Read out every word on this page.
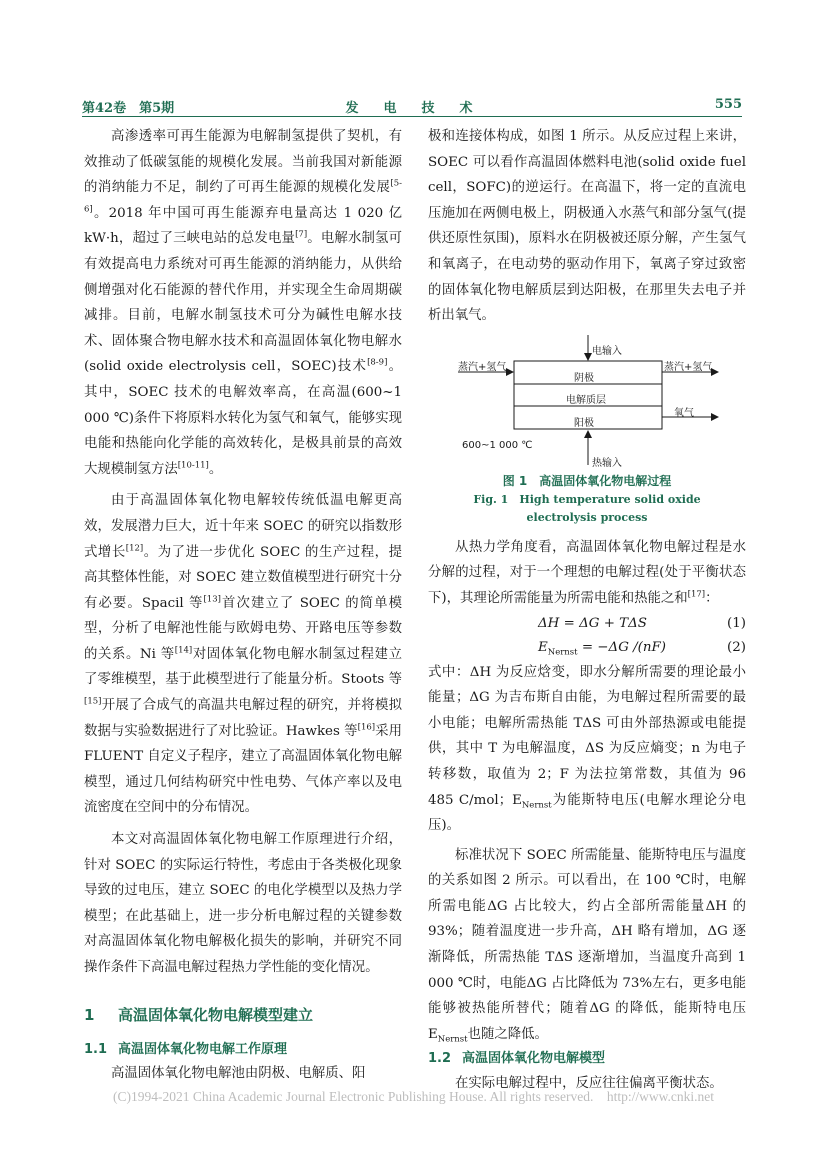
第42卷　第5期	发　电　技　术	555

高渗透率可再生能源为电解制氢提供了契机，有效推动了低碳氢能的规模化发展。当前我国对新能源的消纳能力不足，制约了可再生能源的规模化发展[5-6]。2018 年中国可再生能源弃电量高达 1 020 亿 kW·h，超过了三峡电站的总发电量[7]。电解水制氢可有效提高电力系统对可再生能源的消纳能力，从供给侧增强对化石能源的替代作用，并实现全生命周期碳减排。目前，电解水制氢技术可分为碱性电解水技术、固体聚合物电解水技术和高温固体氧化物电解水(solid oxide electrolysis cell，SOEC)技术[8-9]。其中，SOEC 技术的电解效率高，在高温(600~1 000 ℃)条件下将原料水转化为氢气和氧气，能够实现电能和热能向化学能的高效转化，是极具前景的高效大规模制氢方法[10-11]。

由于高温固体氧化物电解较传统低温电解更高效，发展潜力巨大，近十年来 SOEC 的研究以指数形式增长[12]。为了进一步优化 SOEC 的生产过程，提高其整体性能，对 SOEC 建立数值模型进行研究十分有必要。Spacil 等[13]首次建立了 SOEC 的简单模型，分析了电解池性能与欧姆电势、开路电压等参数的关系。Ni 等[14]对固体氧化物电解水制氢过程建立了零维模型，基于此模型进行了能量分析。Stoots 等[15]开展了合成气的高温共电解过程的研究，并将模拟数据与实验数据进行了对比验证。Hawkes 等[16]采用 FLUENT 自定义子程序，建立了高温固体氧化物电解模型，通过几何结构研究中性电势、气体产率以及电流密度在空间中的分布情况。

本文对高温固体氧化物电解工作原理进行介绍，针对 SOEC 的实际运行特性，考虑由于各类极化现象导致的过电压，建立 SOEC 的电化学模型以及热力学模型；在此基础上，进一步分析电解过程的关键参数对高温固体氧化物电解极化损失的影响，并研究不同操作条件下高温电解过程热力学性能的变化情况。

1 高温固体氧化物电解模型建立
1.1 高温固体氧化物电解工作原理

高温固体氧化物电解池由阴极、电解质、阳

极和连接体构成，如图 1 所示。从反应过程上来讲，SOEC 可以看作高温固体燃料电池(solid oxide fuel cell，SOFC)的逆运行。在高温下，将一定的直流电压施加在两侧电极上，阴极通入水蒸气和部分氢气(提供还原性氛围)，原料水在阴极被还原分解，产生氢气和氧离子，在电动势的驱动作用下，氧离子穿过致密的固体氧化物电解质层到达阳极，在那里失去电子并析出氧气。

电输入
蒸汽+氢气	蒸汽+氢气
阴极
电解质层
阳极
氧气
600~1 000 ℃
热输入
图 1　高温固体氧化物电解过程
Fig. 1　High temperature solid oxide electrolysis process

从热力学角度看，高温固体氧化物电解过程是水分解的过程，对于一个理想的电解过程(处于平衡状态下)，其理论所需能量为所需电能和热能之和[17]：

ΔH = ΔG + TΔS	(1)
$E_{Nernst} = -\Delta G$ /(nF)	(2)

式中：ΔH 为反应焓变，即水分解所需要的理论最小能量；ΔG 为吉布斯自由能，为电解过程所需要的最小电能；电解所需热能 TΔS 可由外部热源或电能提供，其中 T 为电解温度，ΔS 为反应熵变；n 为电子转移数，取值为 2；F 为法拉第常数，其值为 96 485 C/mol；$E_{Nernst}$为能斯特电压(电解水理论分电压)。

标准状况下 SOEC 所需能量、能斯特电压与温度的关系如图 2 所示。可以看出，在 100 ℃时，电解所需电能ΔG 占比较大，约占全部所需能量ΔH 的 93%；随着温度进一步升高，ΔH 略有增加，ΔG 逐渐降低，所需热能 TΔS 逐渐增加，当温度升高到 1 000 ℃时，电能ΔG 占比降低为 73%左右，更多电能能够被热能所替代；随着ΔG 的降低，能斯特电压 $E_{Nernst}$也随之降低。

1.2 高温固体氧化物电解模型

在实际电解过程中，反应往往偏离平衡状态。

(C)1994-2021 China Academic Journal Electronic Publishing House. All rights reserved.　http://www.cnki.net
